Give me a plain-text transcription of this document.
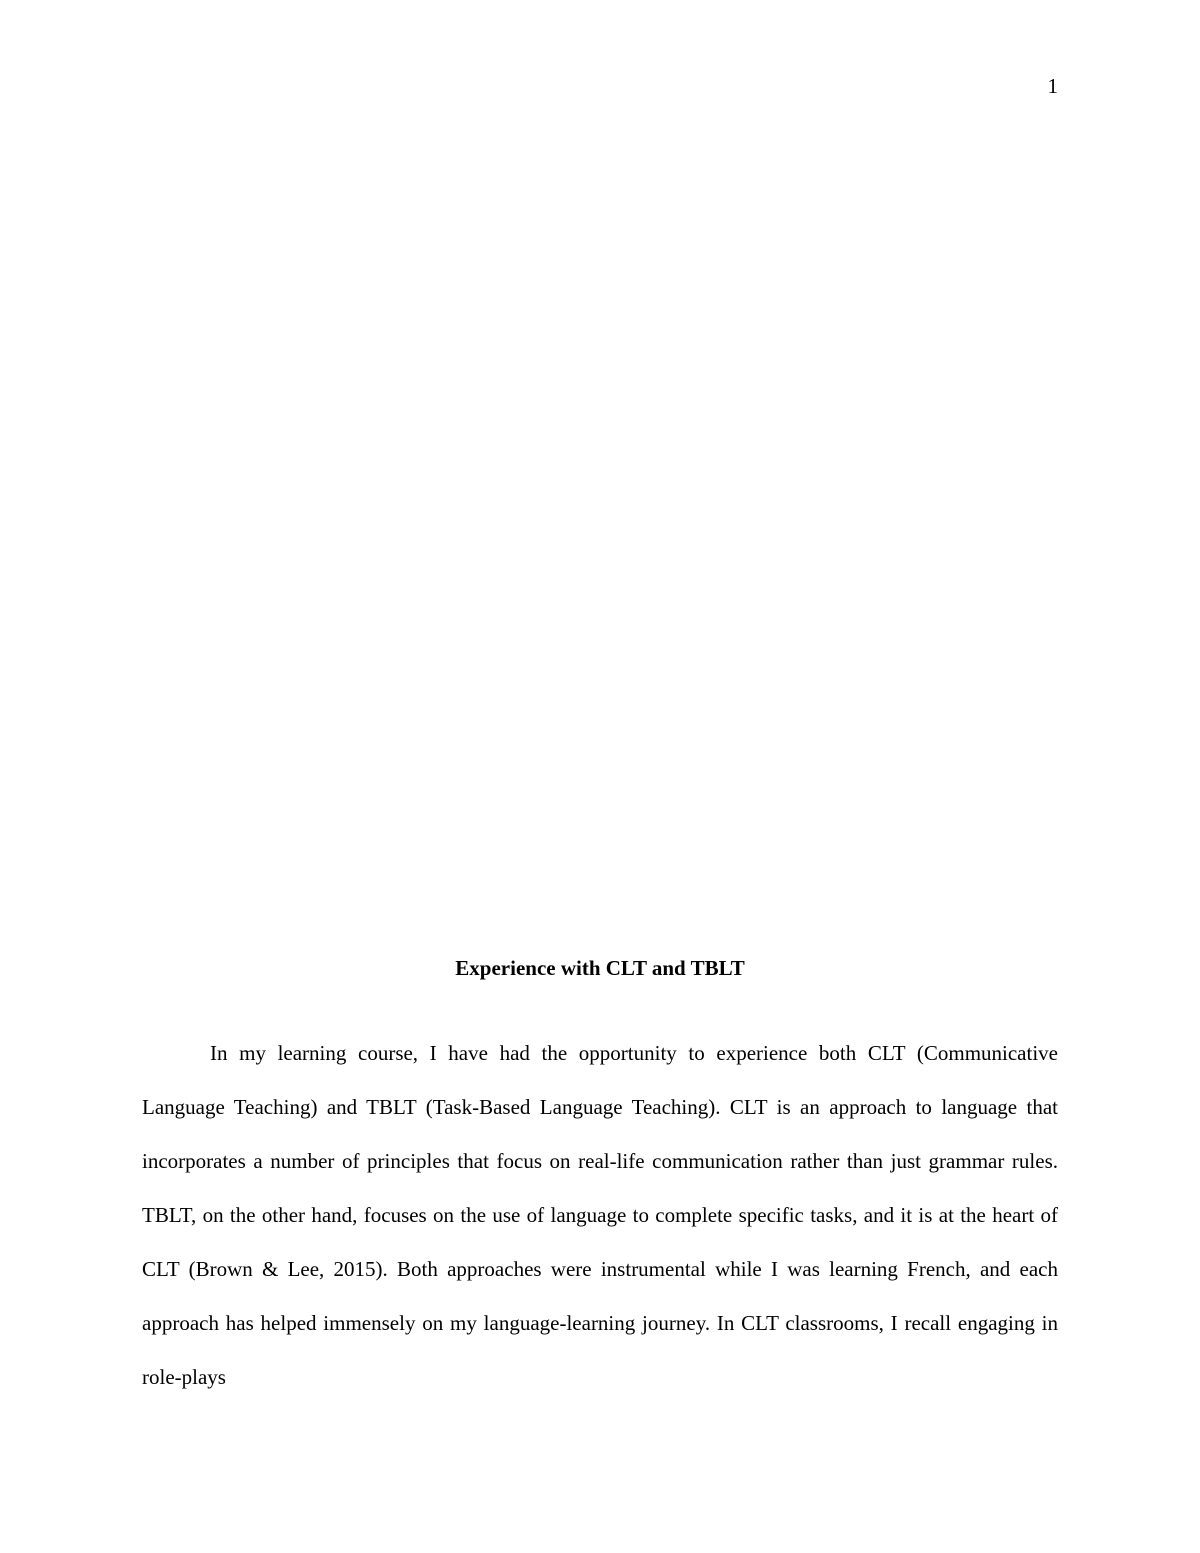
1
Experience with CLT and TBLT

In my learning course, I have had the opportunity to experience both CLT (Communicative Language Teaching) and TBLT (Task-Based Language Teaching). CLT is an approach to language that incorporates a number of principles that focus on real-life communication rather than just grammar rules. TBLT, on the other hand, focuses on the use of language to complete specific tasks, and it is at the heart of CLT (Brown & Lee, 2015). Both approaches were instrumental while I was learning French, and each approach has helped immensely on my language-learning journey. In CLT classrooms, I recall engaging in role-plays
